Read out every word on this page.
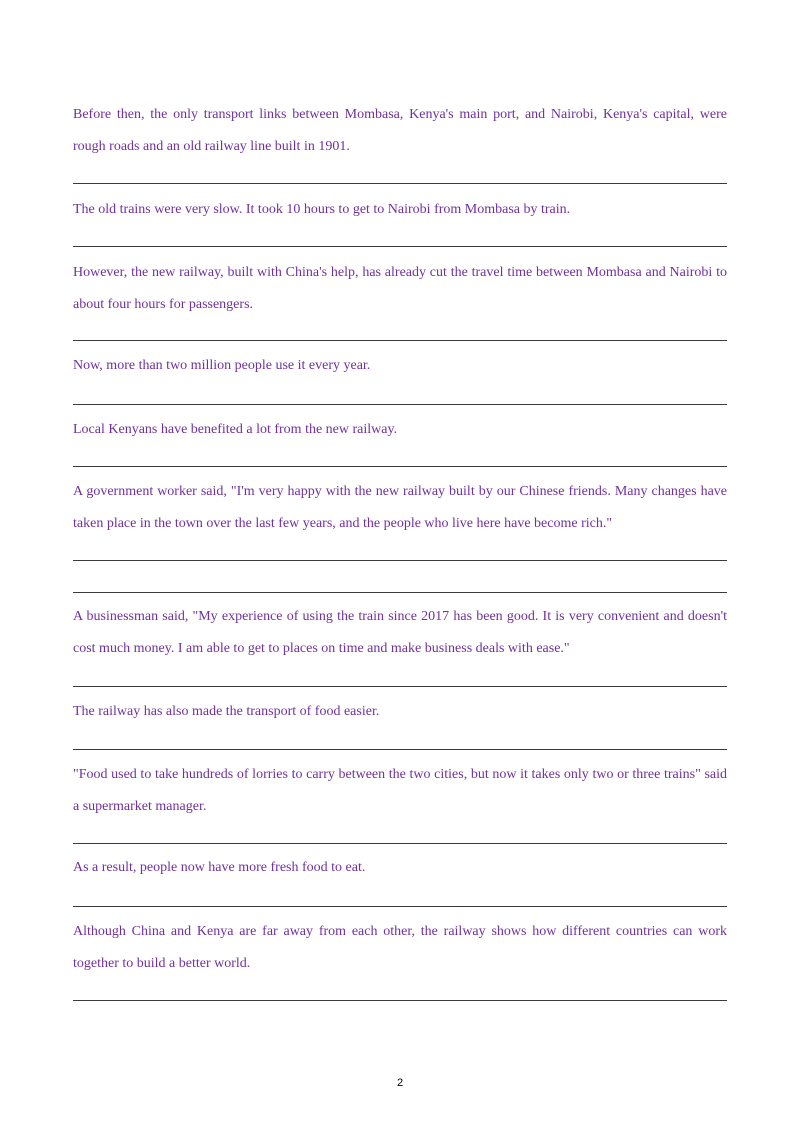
Before then, the only transport links between Mombasa, Kenya's main port, and Nairobi, Kenya's capital, were rough roads and an old railway line built in 1901.

The old trains were very slow. It took 10 hours to get to Nairobi from Mombasa by train.

However, the new railway, built with China's help, has already cut the travel time between Mombasa and Nairobi to about four hours for passengers.

Now, more than two million people use it every year.

Local Kenyans have benefited a lot from the new railway.

A government worker said, "I'm very happy with the new railway built by our Chinese friends. Many changes have taken place in the town over the last few years, and the people who live here have become rich."

A businessman said, "My experience of using the train since 2017 has been good. It is very convenient and doesn't cost much money. I am able to get to places on time and make business deals with ease."

The railway has also made the transport of food easier.

"Food used to take hundreds of lorries to carry between the two cities, but now it takes only two or three trains" said a supermarket manager.

As a result, people now have more fresh food to eat.

Although China and Kenya are far away from each other, the railway shows how different countries can work together to build a better world.

2
